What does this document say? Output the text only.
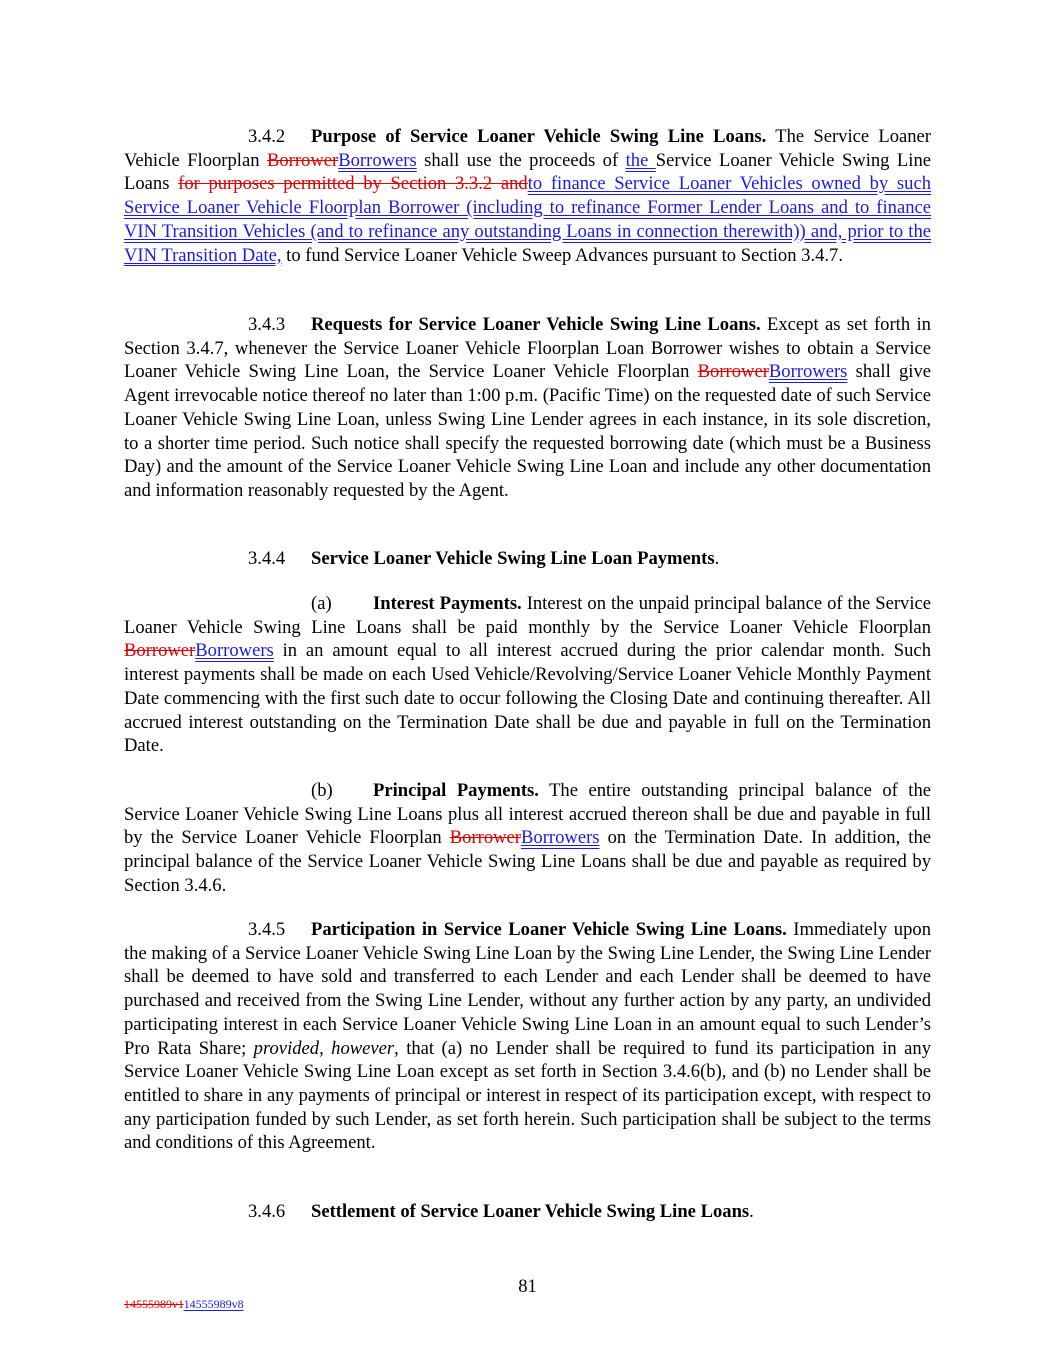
3.4.2 Purpose of Service Loaner Vehicle Swing Line Loans. The Service Loaner Vehicle Floorplan BorrowerBorrowers shall use the proceeds of the Service Loaner Vehicle Swing Line Loans for purposes permitted by Section 3.3.2 andto finance Service Loaner Vehicles owned by such Service Loaner Vehicle Floorplan Borrower (including to refinance Former Lender Loans and to finance VIN Transition Vehicles (and to refinance any outstanding Loans in connection therewith)) and, prior to the VIN Transition Date, to fund Service Loaner Vehicle Sweep Advances pursuant to Section 3.4.7.

3.4.3 Requests for Service Loaner Vehicle Swing Line Loans. Except as set forth in Section 3.4.7, whenever the Service Loaner Vehicle Floorplan Loan Borrower wishes to obtain a Service Loaner Vehicle Swing Line Loan, the Service Loaner Vehicle Floorplan BorrowerBorrowers shall give Agent irrevocable notice thereof no later than 1:00 p.m. (Pacific Time) on the requested date of such Service Loaner Vehicle Swing Line Loan, unless Swing Line Lender agrees in each instance, in its sole discretion, to a shorter time period. Such notice shall specify the requested borrowing date (which must be a Business Day) and the amount of the Service Loaner Vehicle Swing Line Loan and include any other documentation and information reasonably requested by the Agent.

3.4.4 Service Loaner Vehicle Swing Line Loan Payments.

(a) Interest Payments. Interest on the unpaid principal balance of the Service Loaner Vehicle Swing Line Loans shall be paid monthly by the Service Loaner Vehicle Floorplan BorrowerBorrowers in an amount equal to all interest accrued during the prior calendar month. Such interest payments shall be made on each Used Vehicle/Revolving/Service Loaner Vehicle Monthly Payment Date commencing with the first such date to occur following the Closing Date and continuing thereafter. All accrued interest outstanding on the Termination Date shall be due and payable in full on the Termination Date.

(b) Principal Payments. The entire outstanding principal balance of the Service Loaner Vehicle Swing Line Loans plus all interest accrued thereon shall be due and payable in full by the Service Loaner Vehicle Floorplan BorrowerBorrowers on the Termination Date. In addition, the principal balance of the Service Loaner Vehicle Swing Line Loans shall be due and payable as required by Section 3.4.6.

3.4.5 Participation in Service Loaner Vehicle Swing Line Loans. Immediately upon the making of a Service Loaner Vehicle Swing Line Loan by the Swing Line Lender, the Swing Line Lender shall be deemed to have sold and transferred to each Lender and each Lender shall be deemed to have purchased and received from the Swing Line Lender, without any further action by any party, an undivided participating interest in each Service Loaner Vehicle Swing Line Loan in an amount equal to such Lender’s Pro Rata Share; provided, however, that (a) no Lender shall be required to fund its participation in any Service Loaner Vehicle Swing Line Loan except as set forth in Section 3.4.6(b), and (b) no Lender shall be entitled to share in any payments of principal or interest in respect of its participation except, with respect to any participation funded by such Lender, as set forth herein. Such participation shall be subject to the terms and conditions of this Agreement.

3.4.6 Settlement of Service Loaner Vehicle Swing Line Loans.

81
14555989v114555989v8
